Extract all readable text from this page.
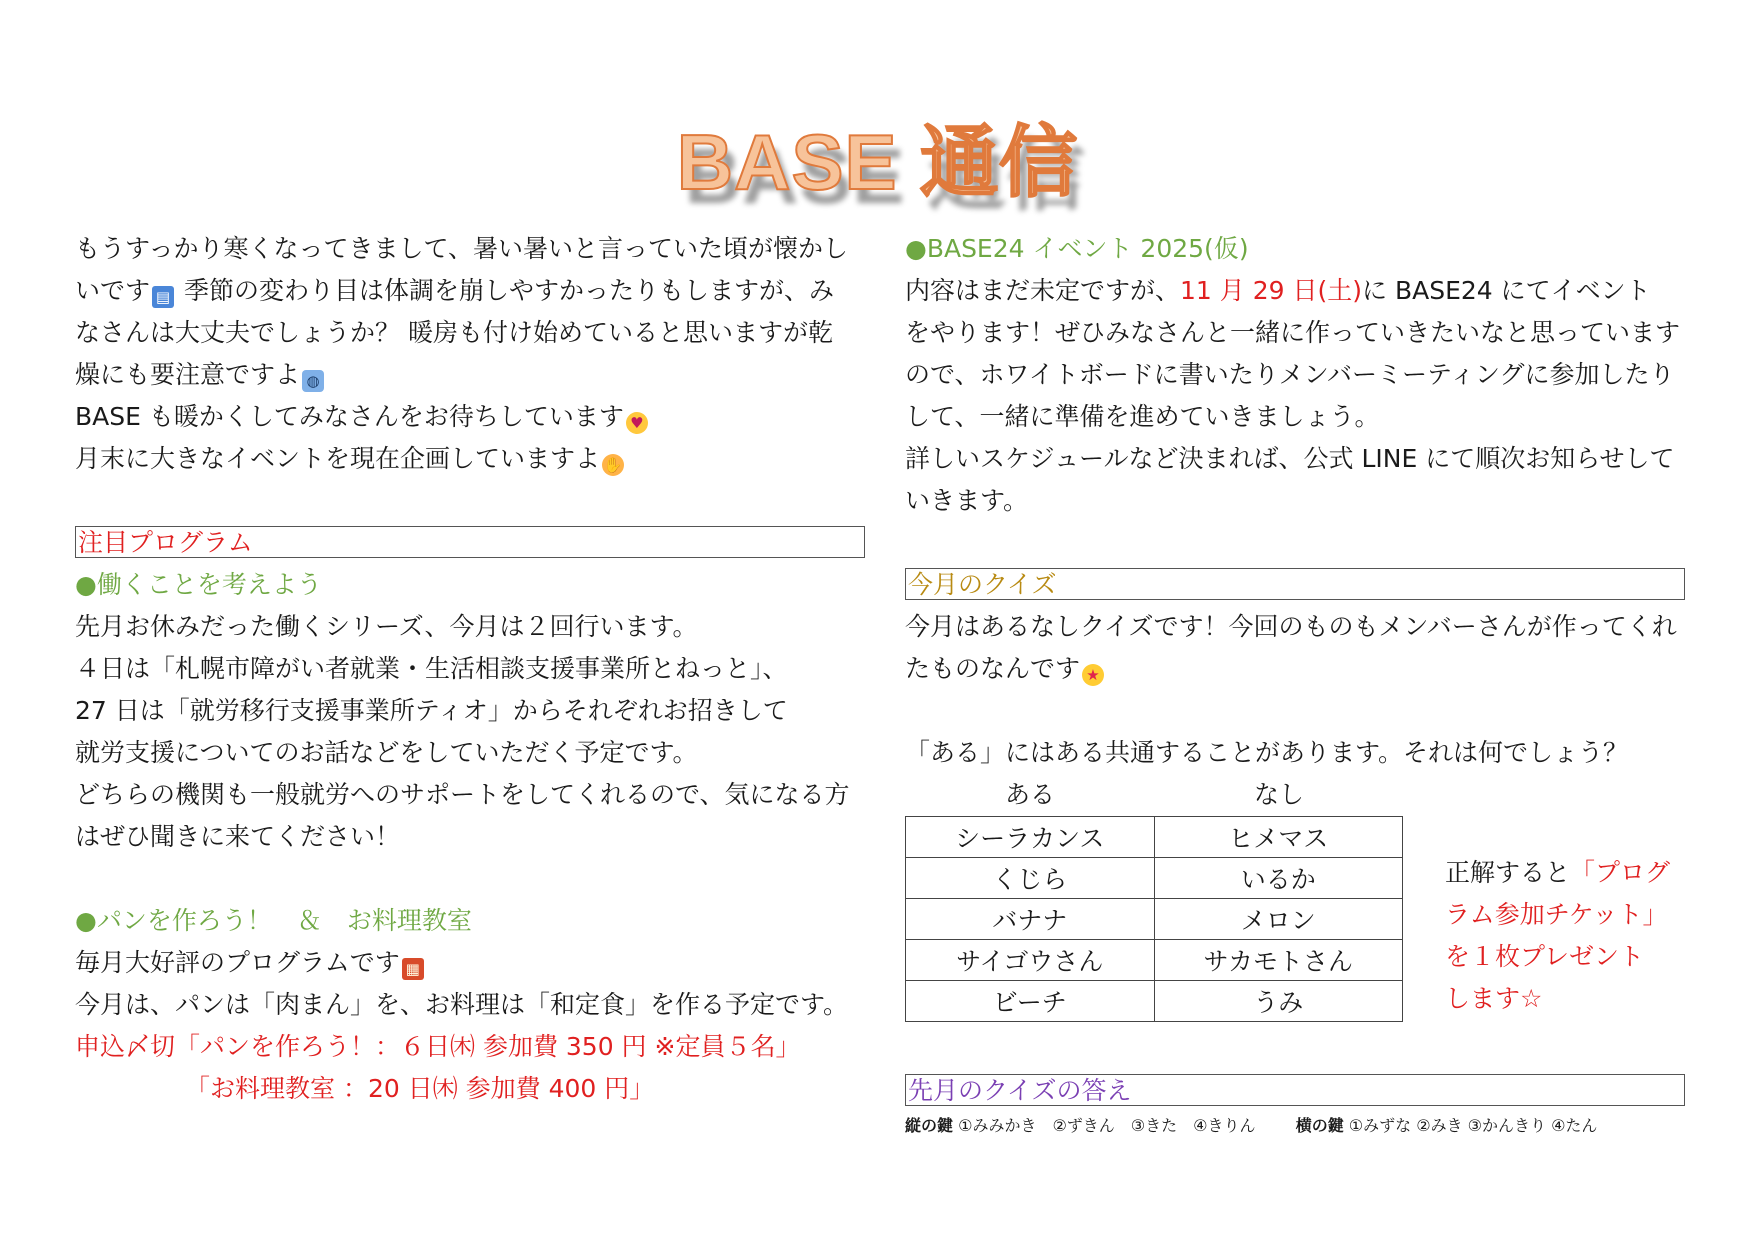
BASE 通信
もうすっかり寒くなってきまして、暑い暑いと言っていた頃が懐かし
いです ▤ 季節の変わり目は体調を崩しやすかったりもしますが、み
なさんは大丈夫でしょうか？ 暖房も付け始めていると思いますが乾
燥にも要注意ですよ ◍
BASE も暖かくしてみなさんをお待ちしています ♥
月末に大きなイベントを現在企画していますよ ✋
注目プログラム
●働くことを考えよう
先月お休みだった働くシリーズ、今月は２回行います。
４日は「札幌市障がい者就業・生活相談支援事業所とねっと」、
27 日は「就労移行支援事業所ティオ」からそれぞれお招きして
就労支援についてのお話などをしていただく予定です。
どちらの機関も一般就労へのサポートをしてくれるので、気になる方
はぜひ聞きに来てください！
●パンを作ろう！　＆　お料理教室
毎月大好評のプログラムです ▦
今月は、パンは「肉まん」を、お料理は「和定食」を作る予定です。
申込〆切「パンを作ろう！：６日㈭ 参加費 350 円 ※定員５名」
「お料理教室 ：20 日㈭ 参加費 400 円」
●BASE24 イベント 2025(仮)
内容はまだ未定ですが、11 月 29 日(土)に BASE24 にてイベント
をやります！ぜひみなさんと一緒に作っていきたいなと思っています
ので、ホワイトボードに書いたりメンバーミーティングに参加したり
して、一緒に準備を進めていきましょう。
詳しいスケジュールなど決まれば、公式 LINE にて順次お知らせして
いきます。
今月のクイズ
今月はあるなしクイズです！今回のものもメンバーさんが作ってくれ
たものなんです ★
「ある」にはある共通することがあります。それは何でしょう？
ある	なし
シーラカンス	ヒメマス
くじら	いるか
バナナ	メロン
サイゴウさん	サカモトさん
ビーチ	うみ
正解すると「プログ
ラム参加チケット」
を１枚プレゼント
します☆
先月のクイズの答え
縦の鍵 ①みみかき　②ずきん　③きた　④きりん	横の鍵 ①みずな ②みき ③かんきり ④たん
